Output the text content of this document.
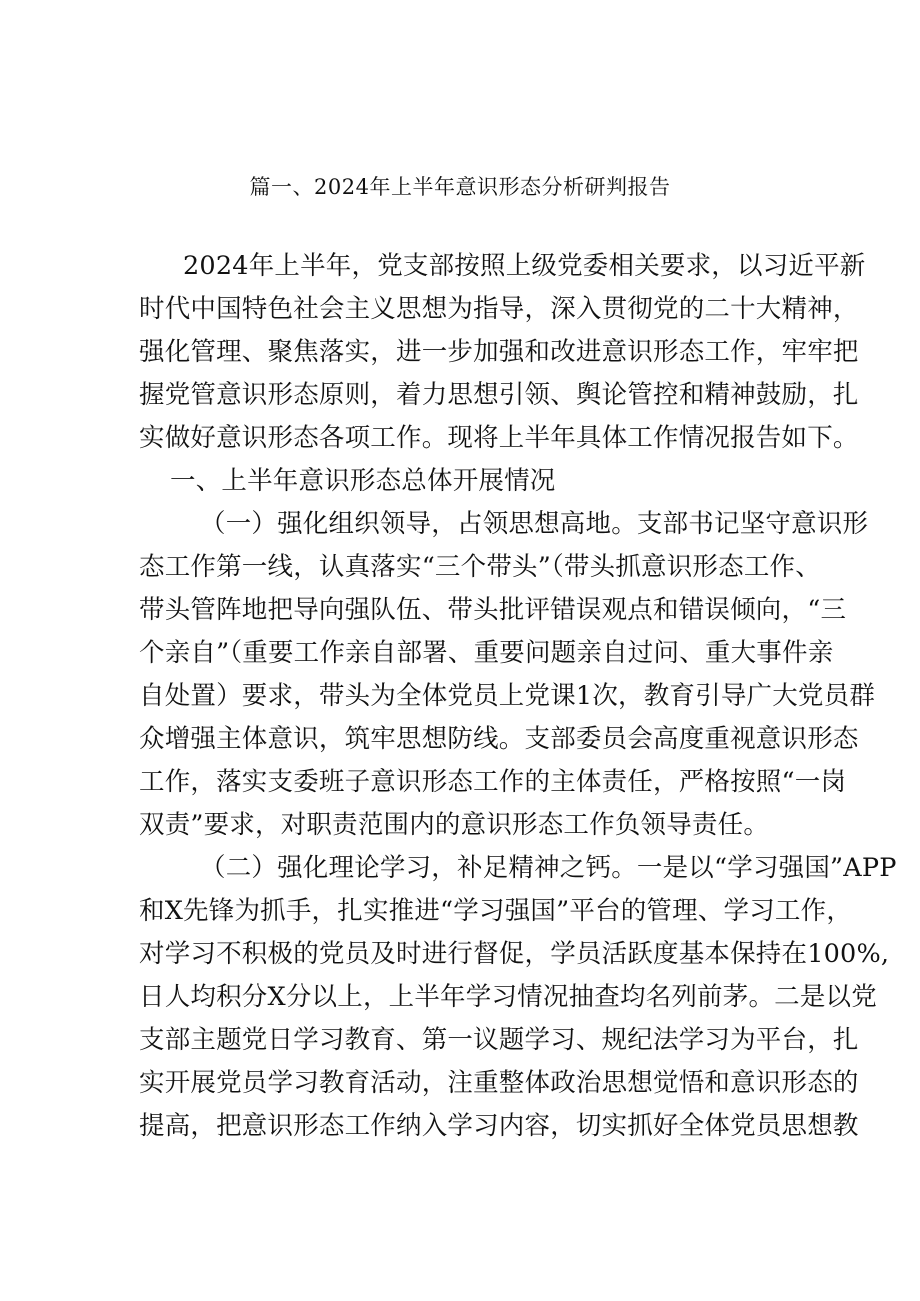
篇一、2024年上半年意识形态分析研判报告
2024年上半年，党支部按照上级党委相关要求，以习近平新
时代中国特色社会主义思想为指导，深入贯彻党的二十大精神，
强化管理、聚焦落实，进一步加强和改进意识形态工作，牢牢把
握党管意识形态原则，着力思想引领、舆论管控和精神鼓励，扎
实做好意识形态各项工作。现将上半年具体工作情况报告如下。
一、上半年意识形态总体开展情况
（一）强化组织领导，占领思想高地。支部书记坚守意识形
态工作第一线，认真落实“三个带头”（带头抓意识形态工作、
带头管阵地把导向强队伍、带头批评错误观点和错误倾向，“三
个亲自”（重要工作亲自部署、重要问题亲自过问、重大事件亲
自处置）要求，带头为全体党员上党课1次，教育引导广大党员群
众增强主体意识，筑牢思想防线。支部委员会高度重视意识形态
工作，落实支委班子意识形态工作的主体责任，严格按照“一岗
双责”要求，对职责范围内的意识形态工作负领导责任。
（二）强化理论学习，补足精神之钙。一是以“学习强国”APP
和X先锋为抓手，扎实推进“学习强国”平台的管理、学习工作，
对学习不积极的党员及时进行督促，学员活跃度基本保持在100%,
日人均积分X分以上，上半年学习情况抽查均名列前茅。二是以党
支部主题党日学习教育、第一议题学习、规纪法学习为平台，扎
实开展党员学习教育活动，注重整体政治思想觉悟和意识形态的
提高，把意识形态工作纳入学习内容，切实抓好全体党员思想教
